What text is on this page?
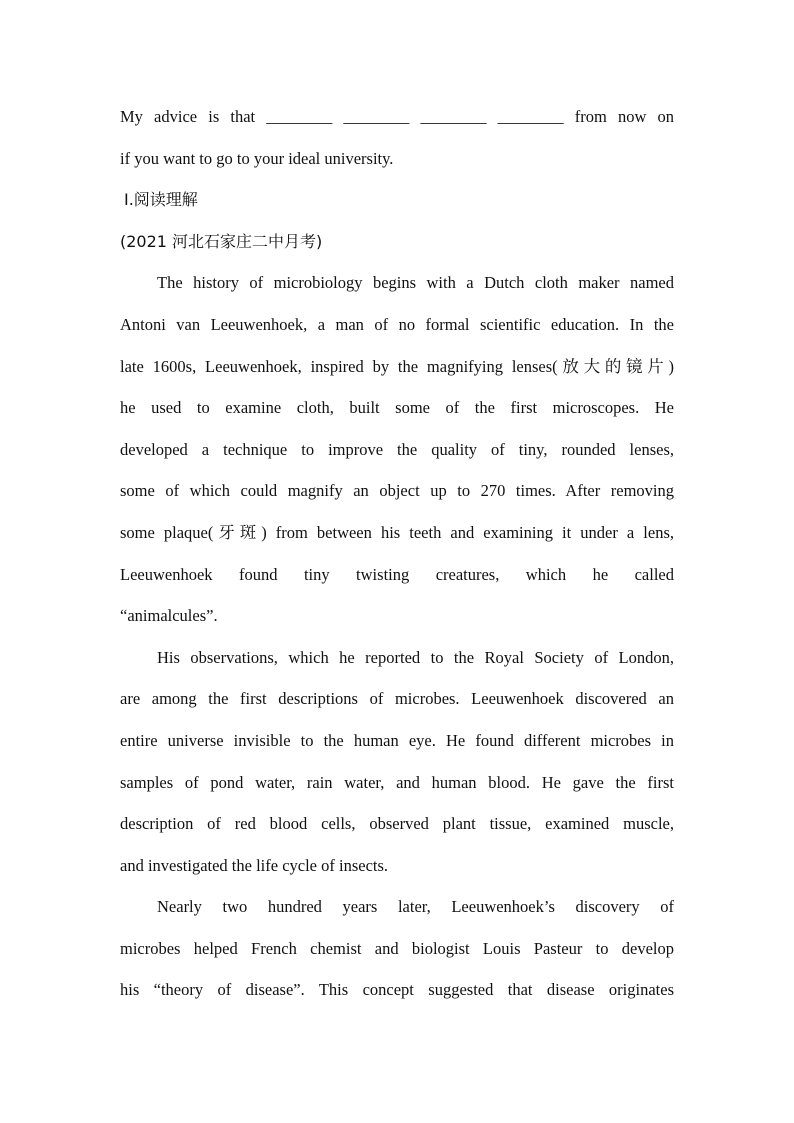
My advice is that ________ ________ ________ ________ from now on
if you want to go to your ideal university.
Ⅰ.阅读理解
(2021 河北石家庄二中月考)
The history of microbiology begins with a Dutch cloth maker named
Antoni van Leeuwenhoek, a man of no formal scientific education. In the
late 1600s, Leeuwenhoek, inspired by the magnifying lenses(放大的镜片)
he used to examine cloth, built some of the first microscopes. He
developed a technique to improve the quality of tiny, rounded lenses,
some of which could magnify an object up to 270 times. After removing
some plaque(牙斑) from between his teeth and examining it under a lens,
Leeuwenhoek found tiny twisting creatures, which he called
“animalcules”.
His observations, which he reported to the Royal Society of London,
are among the first descriptions of microbes. Leeuwenhoek discovered an
entire universe invisible to the human eye. He found different microbes in
samples of pond water, rain water, and human blood. He gave the first
description of red blood cells, observed plant tissue, examined muscle,
and investigated the life cycle of insects.
Nearly two hundred years later, Leeuwenhoek’s discovery of
microbes helped French chemist and biologist Louis Pasteur to develop
his “theory of disease”. This concept suggested that disease originates
